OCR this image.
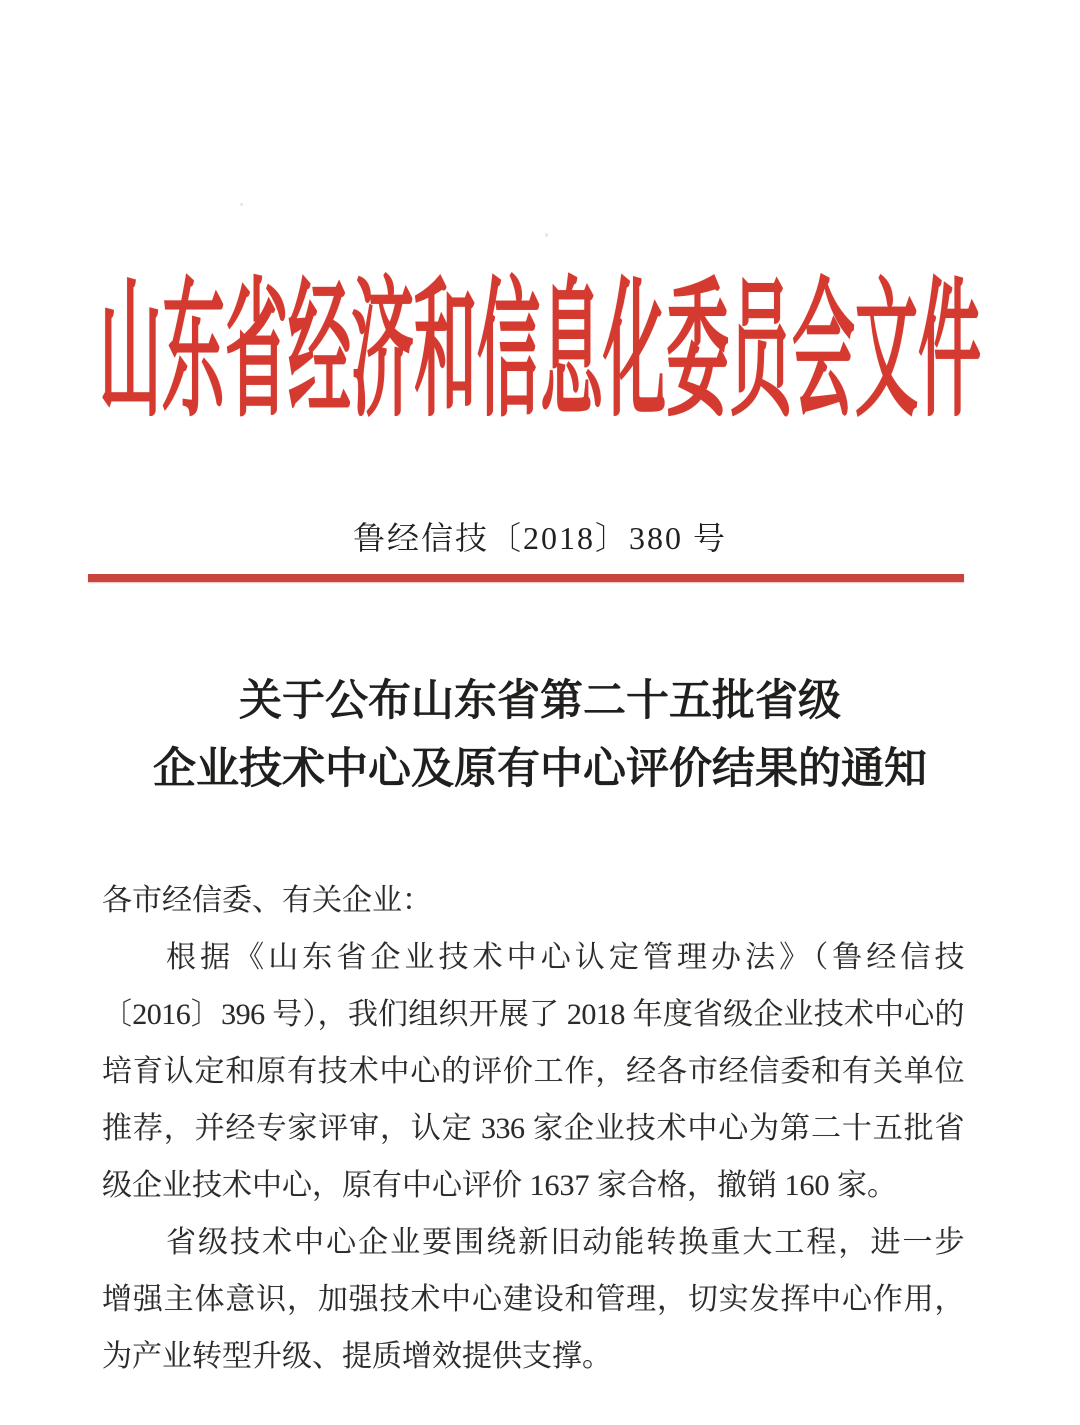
山东省经济和信息化委员会文件
鲁经信技〔2018〕380 号
关于公布山东省第二十五批省级
企业技术中心及原有中心评价结果的通知
各市经信委、有关企业：
根据《山东省企业技术中心认定管理办法》（鲁经信技
〔2016〕396 号），我们组织开展了 2018 年度省级企业技术中心的
培育认定和原有技术中心的评价工作，经各市经信委和有关单位
推荐，并经专家评审，认定 336 家企业技术中心为第二十五批省
级企业技术中心，原有中心评价 1637 家合格，撤销 160 家。
省级技术中心企业要围绕新旧动能转换重大工程，进一步
增强主体意识，加强技术中心建设和管理，切实发挥中心作用，
为产业转型升级、提质增效提供支撑。
